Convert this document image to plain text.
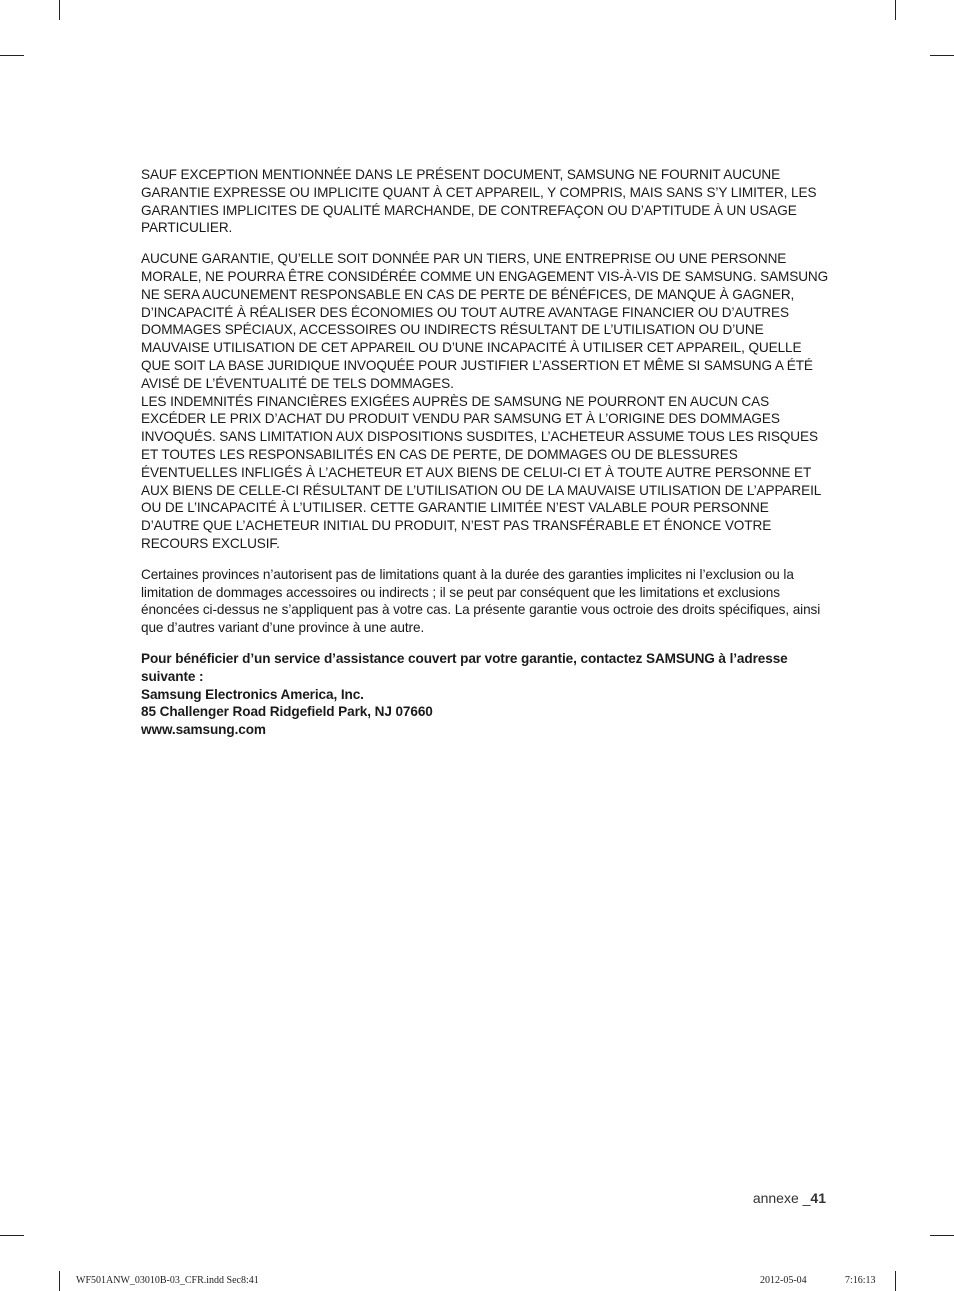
SAUF EXCEPTION MENTIONNÉE DANS LE PRÉSENT DOCUMENT, SAMSUNG NE FOURNIT AUCUNE GARANTIE EXPRESSE OU IMPLICITE QUANT À CET APPAREIL, Y COMPRIS, MAIS SANS S’Y LIMITER, LES GARANTIES IMPLICITES DE QUALITÉ MARCHANDE, DE CONTREFAÇON OU D’APTITUDE À UN USAGE PARTICULIER.

AUCUNE GARANTIE, QU’ELLE SOIT DONNÉE PAR UN TIERS, UNE ENTREPRISE OU UNE PERSONNE MORALE, NE POURRA ÊTRE CONSIDÉRÉE COMME UN ENGAGEMENT VIS-À-VIS DE SAMSUNG. SAMSUNG NE SERA AUCUNEMENT RESPONSABLE EN CAS DE PERTE DE BÉNÉFICES, DE MANQUE À GAGNER, D’INCAPACITÉ À RÉALISER DES ÉCONOMIES OU TOUT AUTRE AVANTAGE FINANCIER OU D’AUTRES DOMMAGES SPÉCIAUX, ACCESSOIRES OU INDIRECTS RÉSULTANT DE L’UTILISATION OU D’UNE MAUVAISE UTILISATION DE CET APPAREIL OU D’UNE INCAPACITÉ À UTILISER CET APPAREIL, QUELLE QUE SOIT LA BASE JURIDIQUE INVOQUÉE POUR JUSTIFIER L’ASSERTION ET MÊME SI SAMSUNG A ÉTÉ AVISÉ DE L’ÉVENTUALITÉ DE TELS DOMMAGES.

LES INDEMNITÉS FINANCIÈRES EXIGÉES AUPRÈS DE SAMSUNG NE POURRONT EN AUCUN CAS EXCÉDER LE PRIX D’ACHAT DU PRODUIT VENDU PAR SAMSUNG ET À L’ORIGINE DES DOMMAGES INVOQUÉS. SANS LIMITATION AUX DISPOSITIONS SUSDITES, L’ACHETEUR ASSUME TOUS LES RISQUES ET TOUTES LES RESPONSABILITÉS EN CAS DE PERTE, DE DOMMAGES OU DE BLESSURES ÉVENTUELLES INFLIGÉS À L’ACHETEUR ET AUX BIENS DE CELUI-CI ET À TOUTE AUTRE PERSONNE ET AUX BIENS DE CELLE-CI RÉSULTANT DE L’UTILISATION OU DE LA MAUVAISE UTILISATION DE L’APPAREIL OU DE L’INCAPACITÉ À L’UTILISER. CETTE GARANTIE LIMITÉE N’EST VALABLE POUR PERSONNE D’AUTRE QUE L’ACHETEUR INITIAL DU PRODUIT, N’EST PAS TRANSFÉRABLE ET ÉNONCE VOTRE RECOURS EXCLUSIF.

Certaines provinces n’autorisent pas de limitations quant à la durée des garanties implicites ni l’exclusion ou la limitation de dommages accessoires ou indirects ; il se peut par conséquent que les limitations et exclusions énoncées ci-dessus ne s’appliquent pas à votre cas. La présente garantie vous octroie des droits spécifiques, ainsi que d’autres variant d’une province à une autre.

Pour bénéficier d’un service d’assistance couvert par votre garantie, contactez SAMSUNG à l’adresse suivante :

Samsung Electronics America, Inc.

85 Challenger Road Ridgefield Park, NJ 07660

www.samsung.com

annexe _41
WF501ANW_03010B-03_CFR.indd Sec8:41	2012-05-04	7:16:13
